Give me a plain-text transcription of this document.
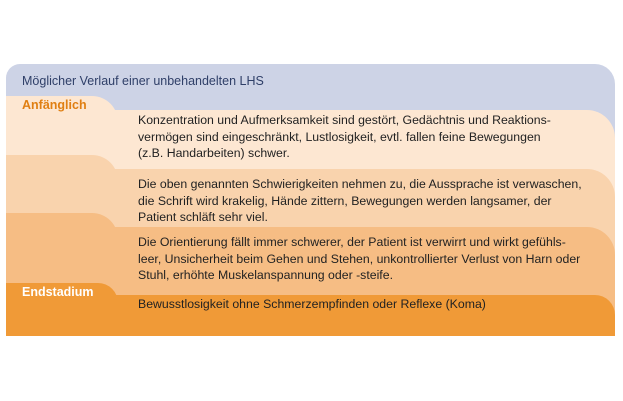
Möglicher Verlauf einer unbehandelten LHS
Anfänglich
Konzentration und Aufmerksamkeit sind gestört, Gedächtnis und Reaktions-
vermögen sind eingeschränkt, Lustlosigkeit, evtl. fallen feine Bewegungen
(z.B. Handarbeiten) schwer.
Die oben genannten Schwierigkeiten nehmen zu, die Aussprache ist verwaschen,
die Schrift wird krakelig, Hände zittern, Bewegungen werden langsamer, der
Patient schläft sehr viel.
Die Orientierung fällt immer schwerer, der Patient ist verwirrt und wirkt gefühls-
leer, Unsicherheit beim Gehen und Stehen, unkontrollierter Verlust von Harn oder
Stuhl, erhöhte Muskelanspannung oder -steife.
Endstadium
Bewusstlosigkeit ohne Schmerzempfinden oder Reflexe (Koma)
